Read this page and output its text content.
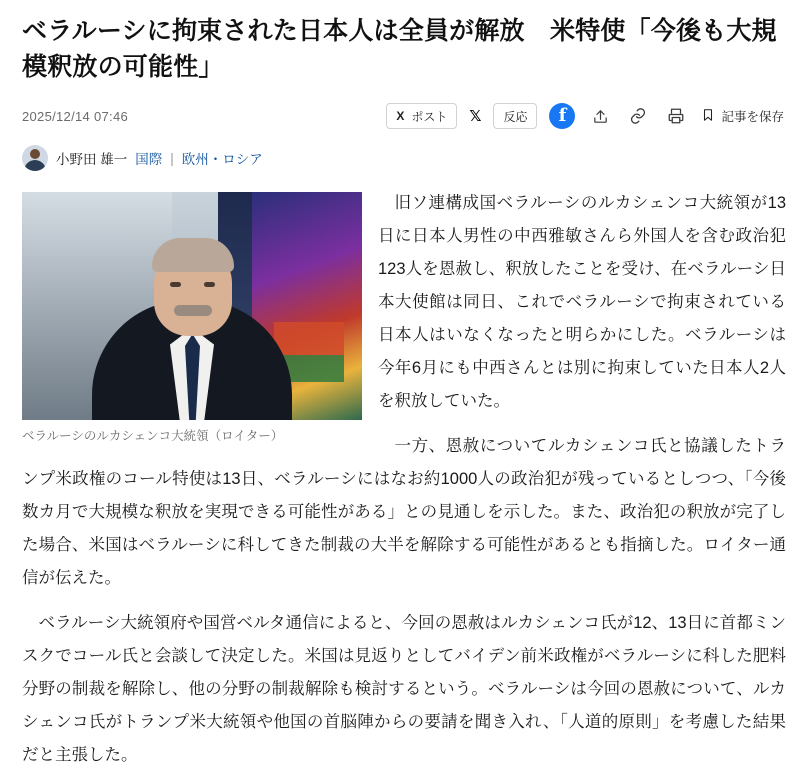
ベラルーシに拘束された日本人は全員が解放　米特使「今後も大規模釈放の可能性」
2025/12/14 07:46	X ポスト 𝕏 反応	f	記事を保存
小野田 雄一 国際 | 欧州・ロシア
ベラルーシのルカシェンコ大統領（ロイター）

旧ソ連構成国ベラルーシのルカシェンコ大統領が13日に日本人男性の中西雅敏さんら外国人を含む政治犯123人を恩赦し、釈放したことを受け、在ベラルーシ日本大使館は同日、これでベラルーシで拘束されている日本人はいなくなったと明らかにした。ベラルーシは今年6月にも中西さんとは別に拘束していた日本人2人を釈放していた。

一方、恩赦についてルカシェンコ氏と協議したトランプ米政権のコール特使は13日、ベラルーシにはなお約1000人の政治犯が残っているとしつつ、「今後数カ月で大規模な釈放を実現できる可能性がある」との見通しを示した。また、政治犯の釈放が完了した場合、米国はベラルーシに科してきた制裁の大半を解除する可能性があるとも指摘した。ロイター通信が伝えた。

ベラルーシ大統領府や国営ベルタ通信によると、今回の恩赦はルカシェンコ氏が12、13日に首都ミンスクでコール氏と会談して決定した。米国は見返りとしてバイデン前米政権がベラルーシに科した肥料分野の制裁を解除し、他の分野の制裁解除も検討するという。ベラルーシは今回の恩赦について、ルカシェンコ氏がトランプ米大統領や他国の首脳陣からの要請を聞き入れ、「人道的原則」を考慮した結果だと主張した。
